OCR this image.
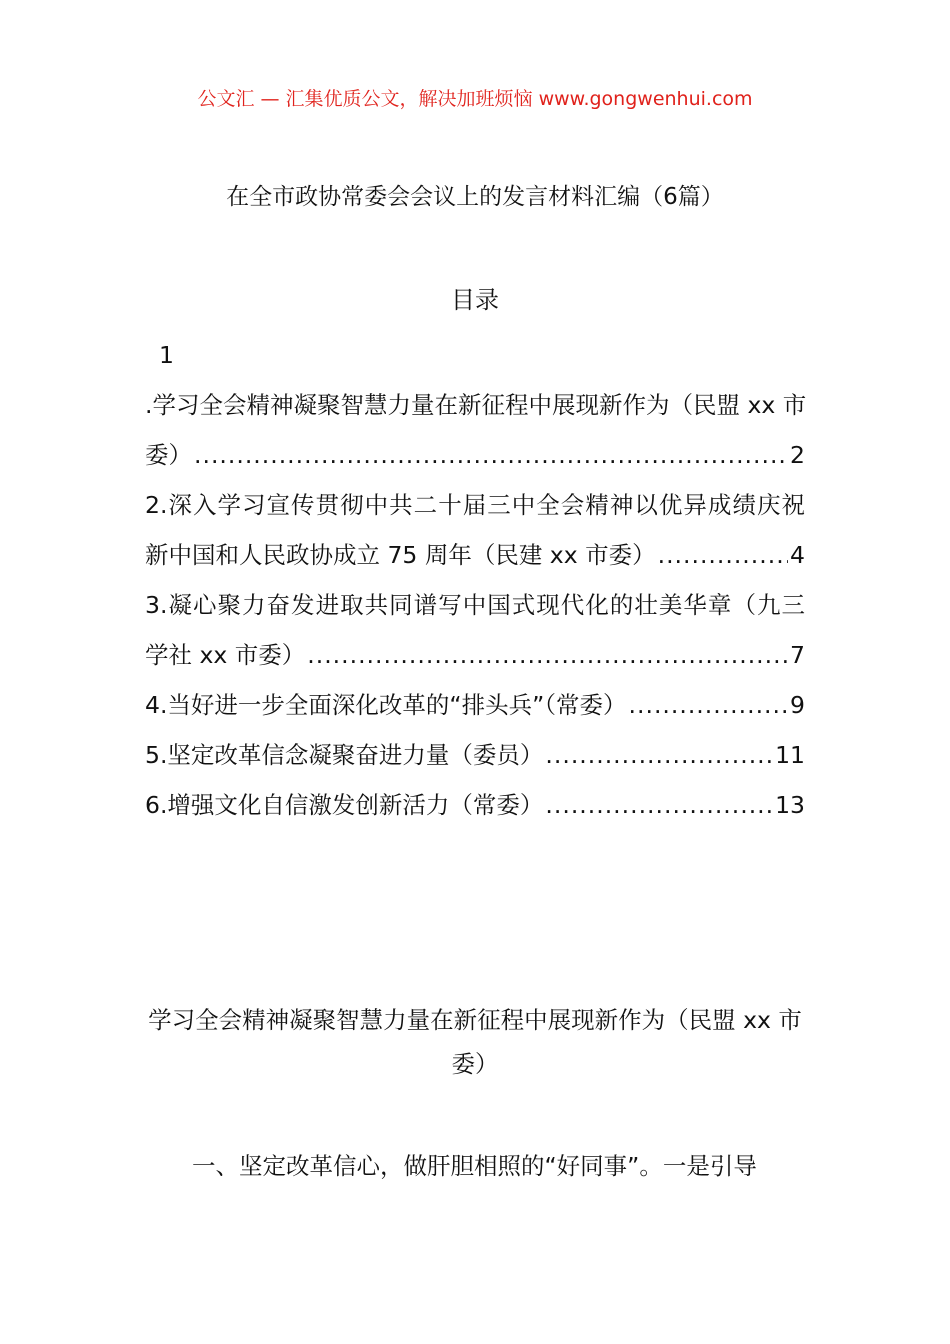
公文汇 — 汇集优质公文，解决加班烦恼 www.gongwenhui.com
在全市政协常委会会议上的发言材料汇编（6篇）
目录
1
.学习全会精神凝聚智慧力量在新征程中展现新作为（民盟 xx 市
委） .....	2
2.深入学习宣传贯彻中共二十届三中全会精神以优异成绩庆祝
新中国和人民政协成立 75 周年（民建 xx 市委） .....	4
3.凝心聚力奋发进取共同谱写中国式现代化的壮美华章（九三
学社 xx 市委） .....	7
4.当好进一步全面深化改革的“排头兵”（常委） .....	9
5.坚定改革信念凝聚奋进力量（委员） .....	11
6.增强文化自信激发创新活力（常委） .....	13
学习全会精神凝聚智慧力量在新征程中展现新作为（民盟 xx 市
委）
一、坚定改革信心，做肝胆相照的“好同事”。一是引导
